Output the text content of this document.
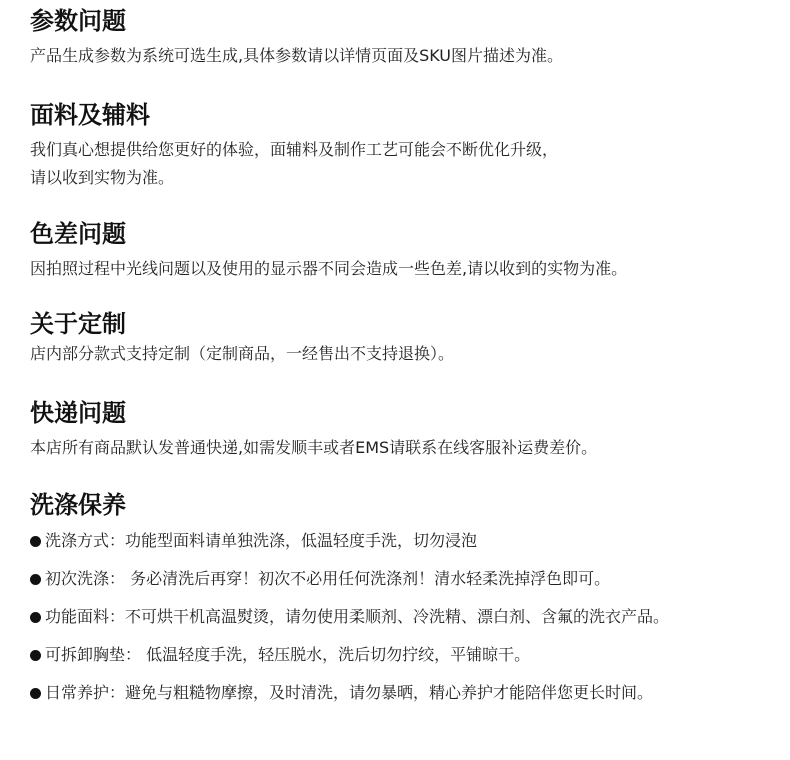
参数问题

产品生成参数为系统可选生成,具体参数请以详情页面及SKU图片描述为准。

面料及辅料

我们真心想提供给您更好的体验，面辅料及制作工艺可能会不断优化升级，

请以收到实物为准。

色差问题

因拍照过程中光线问题以及使用的显示器不同会造成一些色差,请以收到的实物为准。

关于定制

店内部分款式支持定制（定制商品，一经售出不支持退换）。

快递问题

本店所有商品默认发普通快递,如需发顺丰或者EMS请联系在线客服补运费差价。

洗涤保养
洗涤方式：功能型面料请单独洗涤，低温轻度手洗，切勿浸泡
初次洗涤： 务必清洗后再穿！初次不必用任何洗涤剂！清水轻柔洗掉浮色即可。
功能面料：不可烘干机高温熨烫，请勿使用柔顺剂、冷洗精、漂白剂、含氟的洗衣产品。
可拆卸胸垫： 低温轻度手洗，轻压脱水，洗后切勿拧绞，平铺晾干。
日常养护：避免与粗糙物摩擦，及时清洗，请勿暴晒，精心养护才能陪伴您更长时间。
